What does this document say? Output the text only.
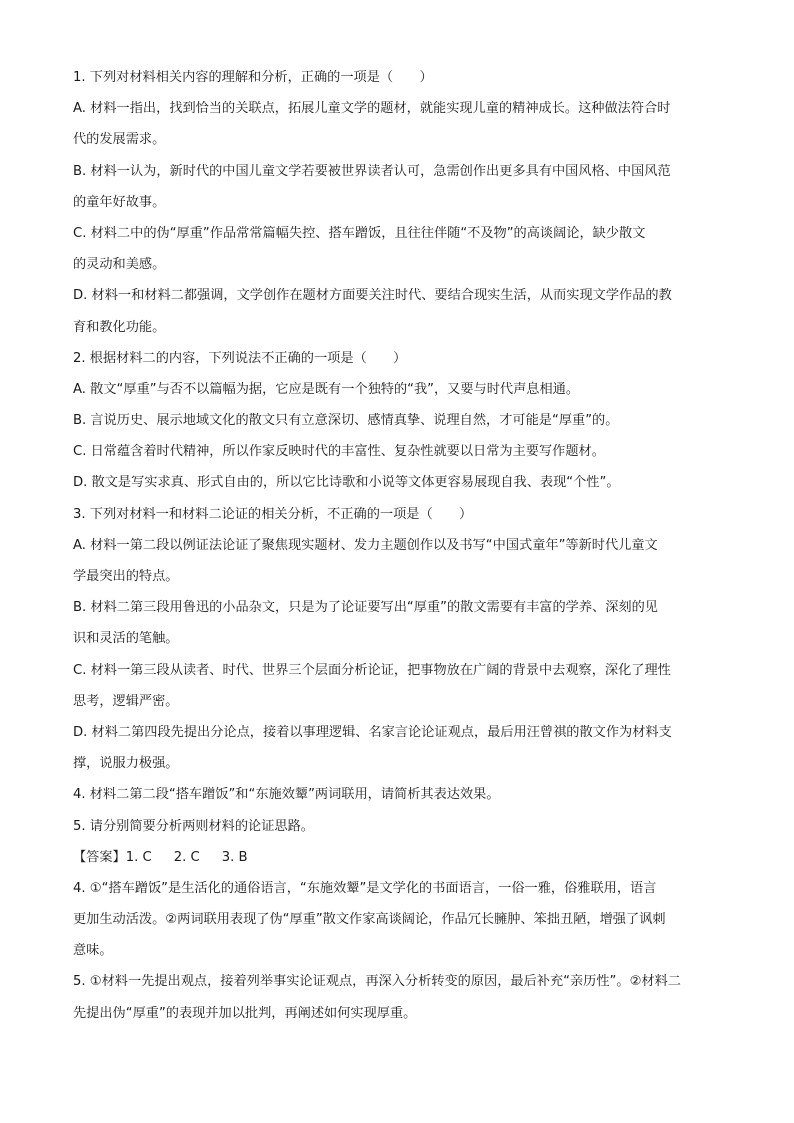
1. 下列对材料相关内容的理解和分析，正确的一项是（　　）
A. 材料一指出，找到恰当的关联点，拓展儿童文学的题材，就能实现儿童的精神成长。这种做法符合时
代的发展需求。
B. 材料一认为，新时代的中国儿童文学若要被世界读者认可，急需创作出更多具有中国风格、中国风范
的童年好故事。
C. 材料二中的伪“厚重”作品常常篇幅失控、搭车蹭饭，且往往伴随“不及物”的高谈阔论，缺少散文
的灵动和美感。
D. 材料一和材料二都强调，文学创作在题材方面要关注时代、要结合现实生活，从而实现文学作品的教
育和教化功能。
2. 根据材料二的内容，下列说法不正确的一项是（　　）
A. 散文“厚重”与否不以篇幅为据，它应是既有一个独特的“我”，又要与时代声息相通。
B. 言说历史、展示地域文化的散文只有立意深切、感情真挚、说理自然，才可能是“厚重”的。
C. 日常蕴含着时代精神，所以作家反映时代的丰富性、复杂性就要以日常为主要写作题材。
D. 散文是写实求真、形式自由的，所以它比诗歌和小说等文体更容易展现自我、表现“个性”。
3. 下列对材料一和材料二论证的相关分析，不正确的一项是（　　）
A. 材料一第二段以例证法论证了聚焦现实题材、发力主题创作以及书写“中国式童年”等新时代儿童文
学最突出的特点。
B. 材料二第三段用鲁迅的小品杂文，只是为了论证要写出“厚重”的散文需要有丰富的学养、深刻的见
识和灵活的笔触。
C. 材料一第三段从读者、时代、世界三个层面分析论证，把事物放在广阔的背景中去观察，深化了理性
思考，逻辑严密。
D. 材料二第四段先提出分论点，接着以事理逻辑、名家言论论证观点，最后用汪曾祺的散文作为材料支
撑，说服力极强。
4. 材料二第二段“搭车蹭饭”和“东施效颦”两词联用，请简析其表达效果。
5. 请分别简要分析两则材料的论证思路。
【答案】1. C 2. C 3. B
4. ①“搭车蹭饭”是生活化的通俗语言，“东施效颦”是文学化的书面语言，一俗一雅，俗雅联用，语言
更加生动活泼。②两词联用表现了伪“厚重”散文作家高谈阔论，作品冗长臃肿、笨拙丑陋，增强了讽刺
意味。
5. ①材料一先提出观点，接着列举事实论证观点，再深入分析转变的原因，最后补充“亲历性”。②材料二
先提出伪“厚重”的表现并加以批判，再阐述如何实现厚重。
